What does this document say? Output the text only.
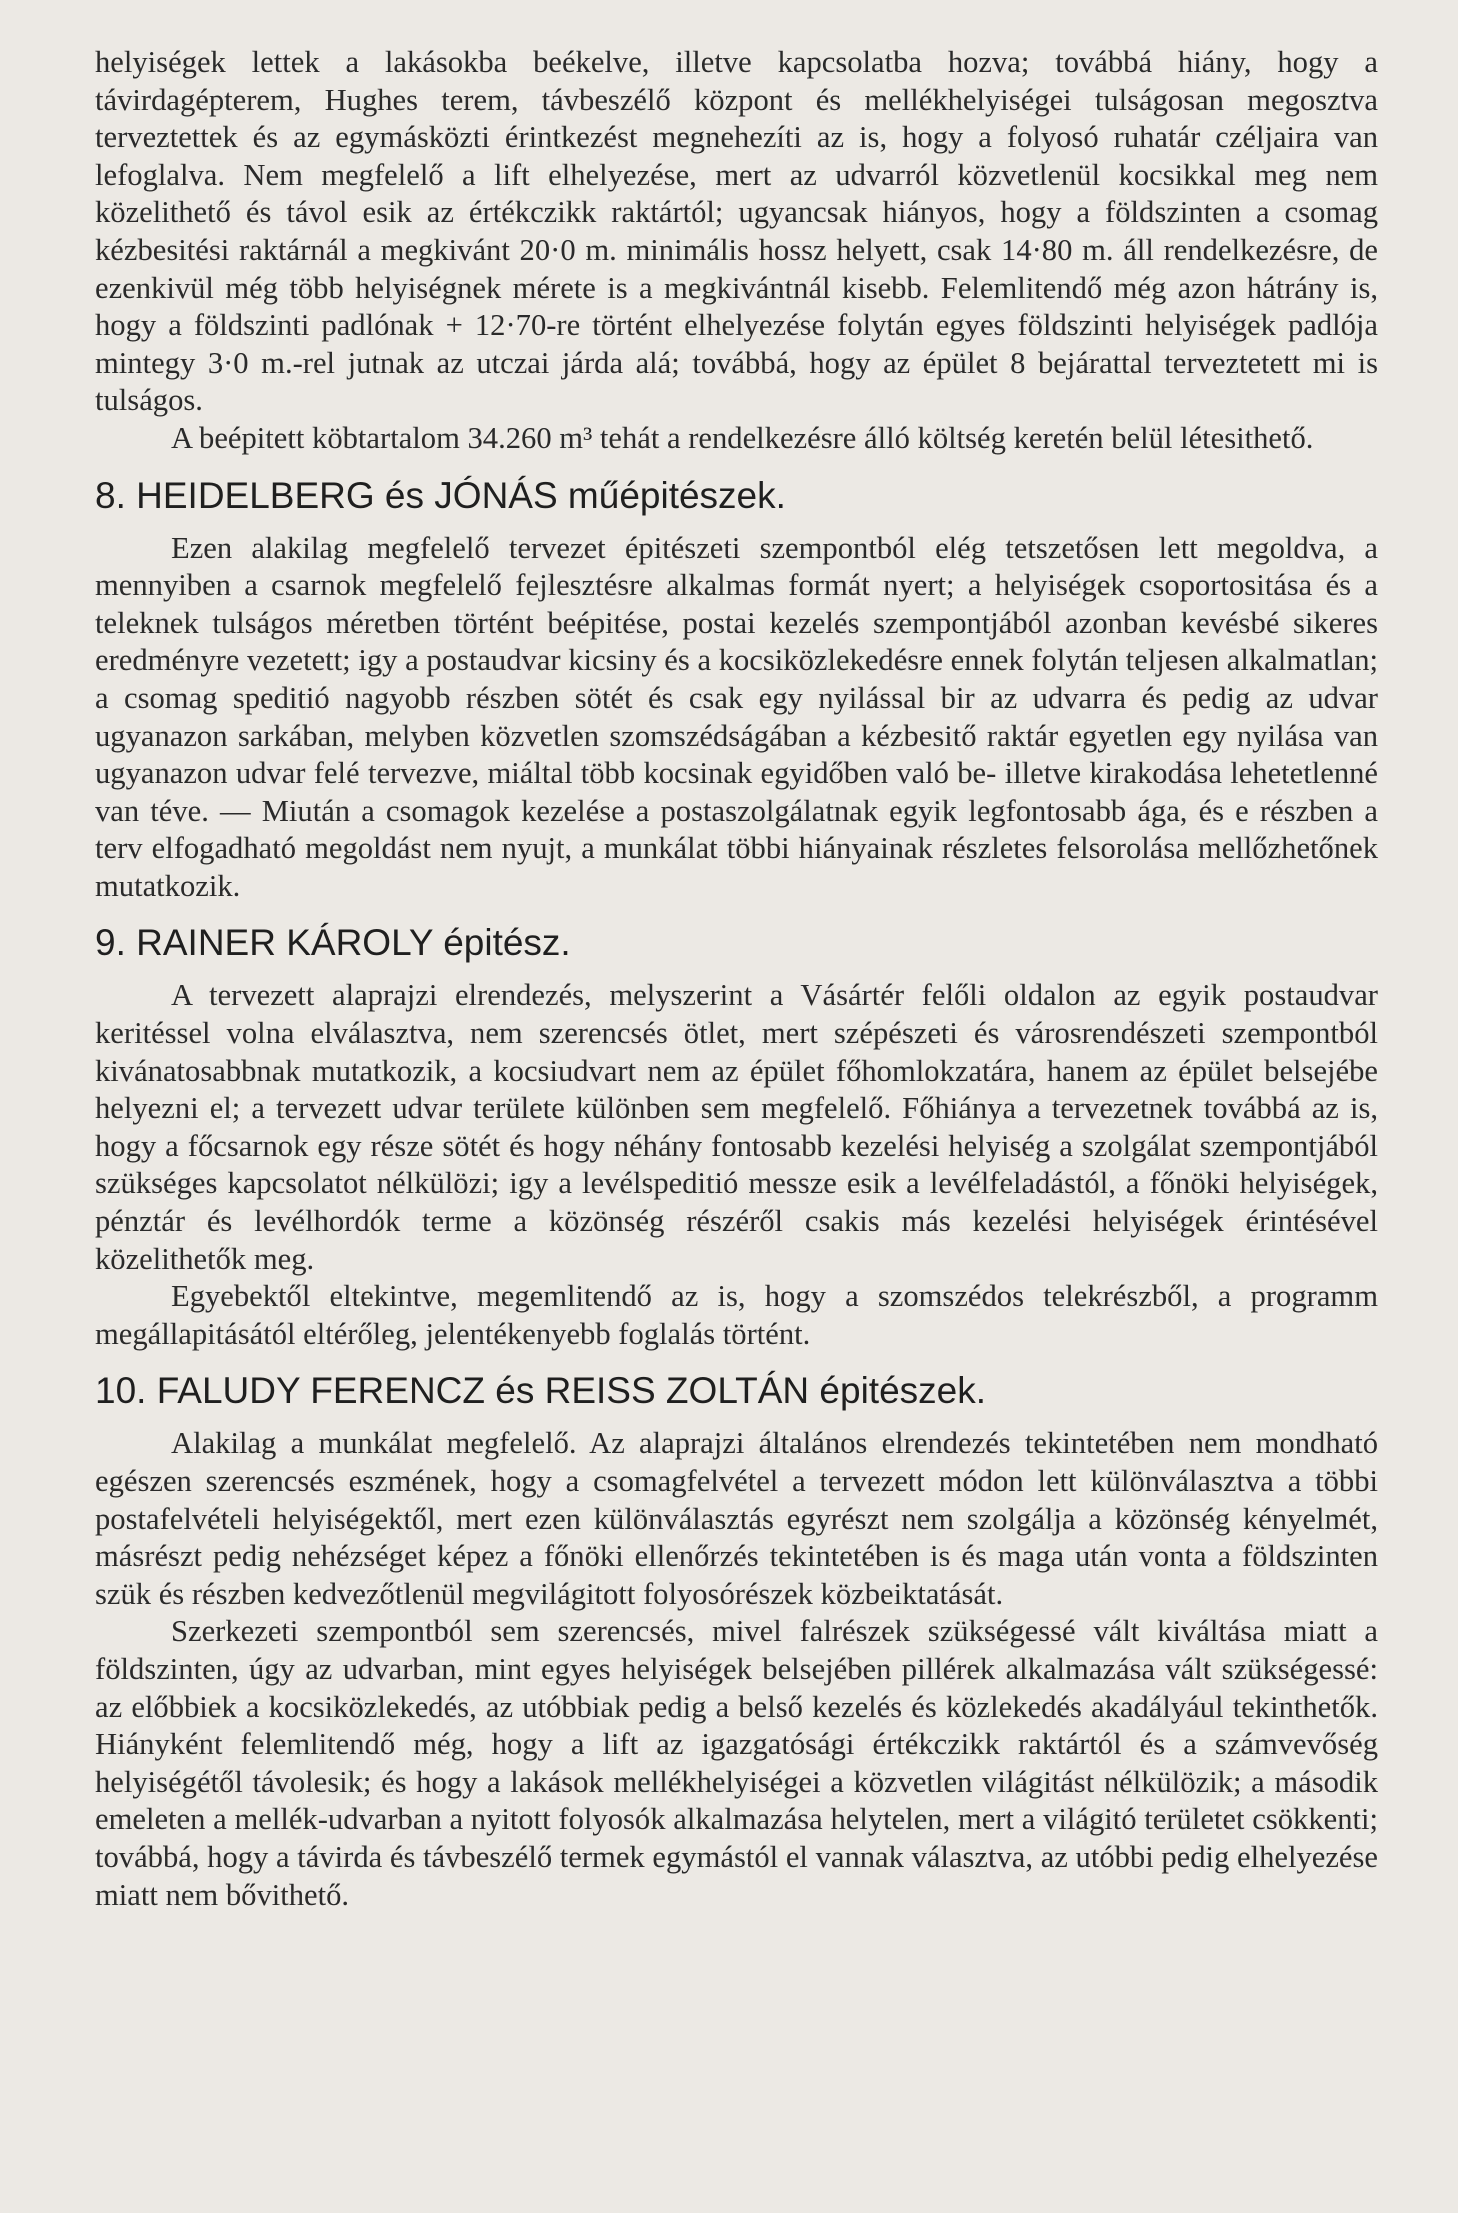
helyiségek lettek a lakásokba beékelve, illetve kapcsolatba hozva; továbbá hiány, hogy a távirdagépterem, Hughes terem, távbeszélő központ és mellékhelyiségei tulságosan megosztva terveztettek és az egymásközti érintkezést megnehezíti az is, hogy a folyosó ruhatár czéljaira van lefoglalva. Nem megfelelő a lift elhelyezése, mert az udvarról közvetlenül kocsikkal meg nem közelithető és távol esik az értékczikk raktártól; ugyancsak hiányos, hogy a földszinten a csomag kézbesitési raktárnál a megkivánt 20·0 m. minimális hossz helyett, csak 14·80 m. áll rendelkezésre, de ezenkivül még több helyiségnek mérete is a megkivántnál kisebb. Felemlitendő még azon hátrány is, hogy a földszinti padlónak + 12·70-re történt elhelyezése folytán egyes földszinti helyiségek padlója mintegy 3·0 m.-rel jutnak az utczai járda alá; továbbá, hogy az épület 8 bejárattal terveztetett mi is tulságos.

A beépitett köbtartalom 34.260 m³ tehát a rendelkezésre álló költség keretén belül létesithető.

8. HEIDELBERG és JÓNÁS műépitészek.

Ezen alakilag megfelelő tervezet épitészeti szempontból elég tetszetősen lett megoldva, a mennyiben a csarnok megfelelő fejlesztésre alkalmas formát nyert; a helyiségek csoportositása és a teleknek tulságos méretben történt beépitése, postai kezelés szempontjából azonban kevésbé sikeres eredményre vezetett; igy a postaudvar kicsiny és a kocsiközlekedésre ennek folytán teljesen alkalmatlan; a csomag speditió nagyobb részben sötét és csak egy nyilással bir az udvarra és pedig az udvar ugyanazon sarkában, melyben közvetlen szomszédságában a kézbesitő raktár egyetlen egy nyilása van ugyanazon udvar felé tervezve, miáltal több kocsinak egyidőben való be- illetve kirakodása lehetetlenné van téve. — Miután a csomagok kezelése a postaszolgálatnak egyik legfontosabb ága, és e részben a terv elfogadható megoldást nem nyujt, a munkálat többi hiányainak részletes felsorolása mellőzhetőnek mutatkozik.

9. RAINER KÁROLY épitész.

A tervezett alaprajzi elrendezés, melyszerint a Vásártér felőli oldalon az egyik postaudvar keritéssel volna elválasztva, nem szerencsés ötlet, mert szépészeti és városrendészeti szempontból kivánatosabbnak mutatkozik, a kocsiudvart nem az épület főhomlokzatára, hanem az épület belsejébe helyezni el; a tervezett udvar területe különben sem megfelelő. Főhiánya a tervezetnek továbbá az is, hogy a főcsarnok egy része sötét és hogy néhány fontosabb kezelési helyiség a szolgálat szempontjából szükséges kapcsolatot nélkülözi; igy a levélspeditió messze esik a levélfeladástól, a főnöki helyiségek, pénztár és levélhordók terme a közönség részéről csakis más kezelési helyiségek érintésével közelithetők meg.

Egyebektől eltekintve, megemlitendő az is, hogy a szomszédos telekrészből, a programm megállapitásától eltérőleg, jelentékenyebb foglalás történt.

10. FALUDY FERENCZ és REISS ZOLTÁN épitészek.

Alakilag a munkálat megfelelő. Az alaprajzi általános elrendezés tekintetében nem mondható egészen szerencsés eszmének, hogy a csomagfelvétel a tervezett módon lett különválasztva a többi postafelvételi helyiségektől, mert ezen különválasztás egyrészt nem szolgálja a közönség kényelmét, másrészt pedig nehézséget képez a főnöki ellenőrzés tekintetében is és maga után vonta a földszinten szük és részben kedvezőtlenül megvilágitott folyosórészek közbeiktatását.

Szerkezeti szempontból sem szerencsés, mivel falrészek szükségessé vált kiváltása miatt a földszinten, úgy az udvarban, mint egyes helyiségek belsejében pillérek alkalmazása vált szükségessé: az előbbiek a kocsiközlekedés, az utóbbiak pedig a belső kezelés és közlekedés akadályául tekinthetők. Hiányként felemlitendő még, hogy a lift az igazgatósági értékczikk raktártól és a számvevőség helyiségétől távolesik; és hogy a lakások mellékhelyiségei a közvetlen világitást nélkülözik; a második emeleten a mellék-udvarban a nyitott folyosók alkalmazása helytelen, mert a világitó területet csökkenti; továbbá, hogy a távirda és távbeszélő termek egymástól el vannak választva, az utóbbi pedig elhelyezése miatt nem bővithető.
